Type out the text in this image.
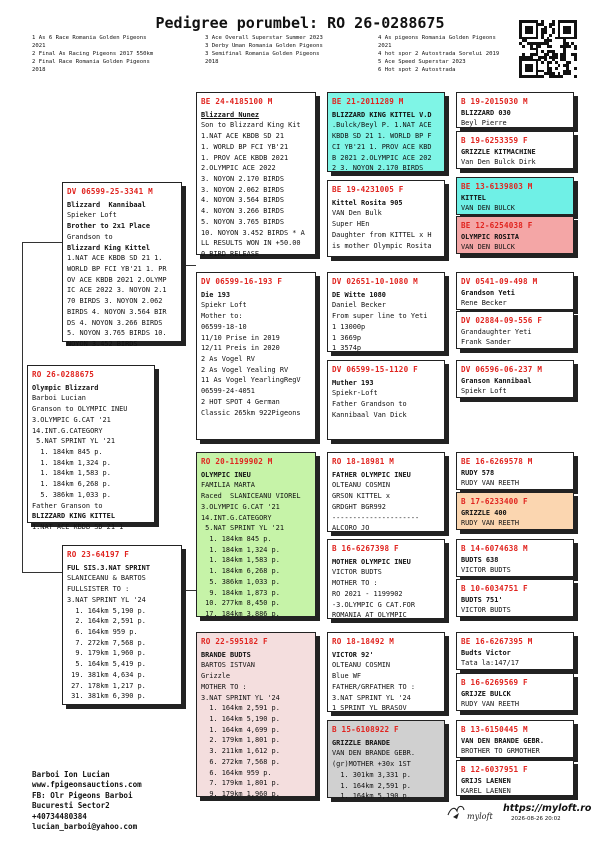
Pedigree porumbel: RO 26-0288675
1 As 6 Race Romania Golden Pigeons 2021
2 Final As Racing Pigeons 2017 550km
2 Final Race Romania Golden Pigeons 2018
3 Ace Overall Superstar Summer 2023
3 Derby Uman Romania Golden Pigeons
3 Semifinal Romania Golden Pigeons 2018
4 As pigeons Romania Golden Pigeons 2021
4 hot spor 2 Autostrada Sorelui 2019
5 Ace Speed Superstar 2023
6 Hot spot 2 Autostrada
RO 26-0288675
Olympic Blizzard
Barboi Lucian
Granson to OLYMPIC INEU
3.OLYMPIC G.CAT '21
14.INT.G.CATEGORY
5.NAT SPRINT YL '21
1. 184km 845 p.
1. 184km 1,324 p.
1. 184km 1,583 p.
1. 184km 6,268 p.
5. 386km 1,033 p.
Father Granson to
BLIZZARD KING KITTEL
1.NAT ACE KBDB SD 21 1
DV 06599-25-3341 M
Blizzard  Kannibaal
Spieker Loft
Brother to 2x1 Place
Grandson to
Blizzard King Kittel
1.NAT ACE KBDB SD 21 1.
WORLD BP FCI YB'21 1. PR
OV ACE KBDB 2021 2.OLYMP
IC ACE 2022 3. NOYON 2.1
70 BIRDS 3. NOYON 2.062
BIRDS 4. NOYON 3.564 BIR
DS 4. NOYON 3.266 BIRDS
5. NOYON 3.765 BIRDS 10.
NOYON 3.452 BIRDS
RO 23-64197 F
FUL SIS.3.NAT SPRINT
SLANICEANU & BARTOS
FULLSISTER TO :
3.NAT SPRINT YL '24
1. 164km 5,190 p.
2. 164km 2,591 p.
6. 164km 959 p.
7. 272km 7,568 p.
9. 179km 1,960 p.
5. 164km 5,419 p.
19. 381km 4,634 p.
27. 178km 1,217 p.
31. 381km 6,390 p.
BE 24-4185100 M
Blizzard Nunez
Son to Blizzard King Kit
1.NAT ACE KBDB SD 21
1. WORLD BP FCI YB'21
1. PROV ACE KBDB 2021
2.OLYMPIC ACE 2022
3. NOYON 2.170 BIRDS
3. NOYON 2.062 BIRDS
4. NOYON 3.564 BIRDS
4. NOYON 3.266 BIRDS
5. NOYON 3.765 BIRDS
10. NOYON 3.452 BIRDS * A
LL RESULTS WON IN +50.00
0 BIRD RELEASE
DV 06599-16-193 F
Die 193
Spiekr Loft
Mother to:
06599-18-10
11/10 Prise in 2019
12/11 Preis in 2020
2 As Vogel RV
2 As Vogel Yealing RV
11 As Vogel YearlingRegV
06599-24-4051
2 HOT SPOT 4 German
Classic 265km 922Pigeons
RO 20-1199902 M
OLYMPIC INEU
FAMILIA MARTA
Raced  SLANICEANU VIOREL
3.OLYMPIC G.CAT '21
14.INT.G.CATEGORY
5.NAT SPRINT YL '21
1. 184km 845 p.
1. 184km 1,324 p.
1. 184km 1,583 p.
1. 184km 6,268 p.
5. 386km 1,033 p.
9. 184km 1,873 p.
10. 277km 8,450 p.
17. 184km 3,886 p.
RO 22-595182 F
BRANDE BUDTS
BARTOS ISTVAN
Grizzle
MOTHER TO :
3.NAT SPRINT YL '24
1. 164km 2,591 p.
1. 164km 5,190 p.
1. 164km 4,699 p.
2. 179km 1,801 p.
3. 211km 1,612 p.
6. 272km 7,568 p.
6. 164km 959 p.
7. 179km 1,801 p.
9. 179km 1,960 p.
BE 21-2011289 M
BLIZZARD KING KITTEL V.D
.Bulck/Beyl P. 1.NAT ACE
KBDB SD 21 1. WORLD BP F
CI YB'21 1. PROV ACE KBD
B 2021 2.OLYMPIC ACE 202
2 3. NOYON 2.170 BIRDS
BE 19-4231005 F
Kittel Rosita 905
VAN Den Bulk
Super HEn
Daughter from KITTEL x H
is mother Olympic Rosita
DV 02651-10-1080 M
DE Witte 1080
Daniel Becker
From super line to Yeti
1 13000p
1 3669p
1 3574p
DV 06599-15-1120 F
Muther 193
Spiekr-Loft
Father Grandson to
Kannibaal Van Dick
RO 18-18981 M
FATHER OLYMPIC INEU
OLTEANU COSMIN
GRSON KITTEL x
GRDGHT BGR992
---------------------
ALCORO JO
B 16-6267398 F
MOTHER OLYMPIC INEU
VICTOR BUDTS
MOTHER TO :
RO 2021 - 1199902
-3.OLYMPIC G CAT.FOR
ROMANIA AT OLYMPIC
RO 18-18492 M
VICTOR 92'
OLTEANU COSMIN
Blue WF
FATHER/GRFATHER TO :
3.NAT SPRINT YL '24
1 SPRINT YL BRASOV
B 15-6108922 F
GRIZZLE BRANDE
VAN DEN BRANDE GEBR.
(gr)MOTHER +30x 1ST
1. 301km 3,331 p.
1. 164km 2,591 p.
1. 164km 5,190 p.
B 19-2015030 M
BLIZZARD 030
Beyl Pierre
B 19-6253359 F
GRIZZLE KITMACHINE
Van Den Bulck Dirk
BE 13-6139803 M
KITTEL
VAN DEN BULCK
BE 12-6254038 F
OLYMPIC ROSITA
VAN DEN BULCK
DV 0541-09-498 M
Grandson Yeti
Rene Becker
DV 02884-09-556 F
Grandaughter Yeti
Frank Sander
DV 06596-06-237 M
Granson Kannibaal
Spiekr Loft
BE 16-6269578 M
RUDY 578
RUDY VAN REETH
B 17-6233400 F
GRIZZLE 400
RUDY VAN REETH
B 14-6074638 M
BUDTS 638
VICTOR BUDTS
B 10-6034751 F
BUDTS 751'
VICTOR BUDTS
BE 16-6267395 M
Budts Victor
Tata la:147/17
B 16-6269569 F
GRIJZE BULCK
RUDY VAN REETH
B 13-6150445 M
VAN DEN BRANDE GEBR.
BROTHER TO GRMOTHER
B 12-6037951 F
GRIJS LAENEN
KAREL LAENEN
Barboi Ion Lucian
www.fpigeonsauctions.com
FB: Olr Pigeons Barboi
Bucuresti Sector2
+40734480384
lucian_barboi@yahoo.com
myloft
https://myloft.ro
2026-08-26 20:02
